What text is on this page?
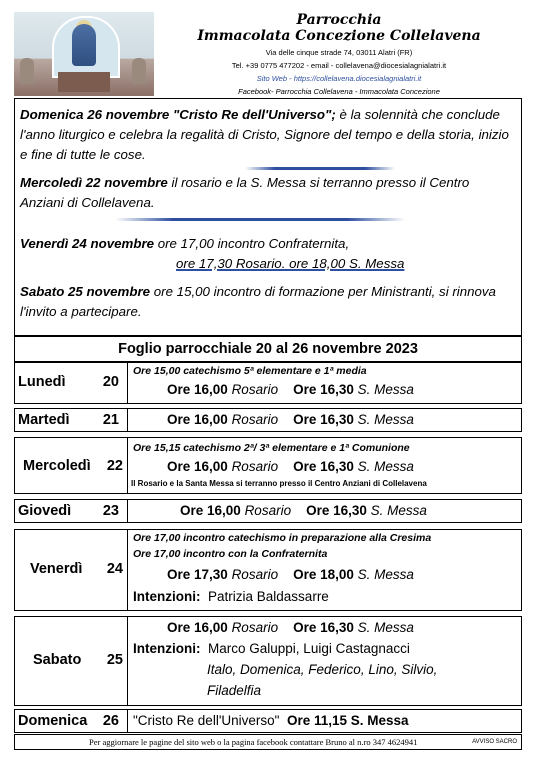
Parrocchia
Immacolata Concezione Collelavena
Via delle cinque strade 74, 03011 Alatri (FR)
Tel. +39 0775 477202 - email - collelavena@diocesialagnialatri.it
Sito Web - https://collelavena.diocesialagnialatri.it
Facebook- Parrocchia Collelavena - Immacolata Concezione
Domenica 26 novembre "Cristo Re dell'Universo"; è la solennità che conclude l'anno liturgico e celebra la regalità di Cristo, Signore del tempo e della storia, inizio e fine di tutte le cose.
Mercoledì 22 novembre il rosario e la S. Messa si terranno presso il Centro Anziani di Collelavena.
Venerdì 24 novembre ore 17,00 incontro Confraternita,
ore 17,30 Rosario. ore 18,00 S. Messa
Sabato 25 novembre ore 15,00 incontro di formazione per Ministranti, si rinnova l'invito a partecipare.
Foglio parrocchiale 20 al 26 novembre 2023
Lunedì	20
Ore 15,00 catechismo 5ª elementare e 1ª media
Ore 16,00 Rosario Ore 16,30 S. Messa
Martedì	21	Ore 16,00 Rosario Ore 16,30 S. Messa
Mercoledì	22
Ore 15,15 catechismo 2ª/ 3ª elementare e 1ª Comunione
Ore 16,00 Rosario Ore 16,30 S. Messa
Il Rosario e la Santa Messa si terranno presso il Centro Anziani di Collelavena
Giovedì	23	Ore 16,00 Rosario Ore 16,30 S. Messa
Venerdì	24
Ore 17,00 incontro catechismo in preparazione alla Cresima
Ore 17,00 incontro con la Confraternita
Ore 17,30 Rosario Ore 18,00 S. Messa
Intenzioni: Patrizia Baldassarre
Sabato	25
Ore 16,00 Rosario Ore 16,30 S. Messa
Intenzioni: Marco Galuppi, Luigi Castagnacci
Italo, Domenica, Federico, Lino, Silvio,
Filadelfia
Domenica	26 "Cristo Re dell'Universo" Ore 11,15 S. Messa
Per aggiornare le pagine del sito web o la pagina facebook contattare Bruno al n.ro 347 4624941	AVVISO SACRO
